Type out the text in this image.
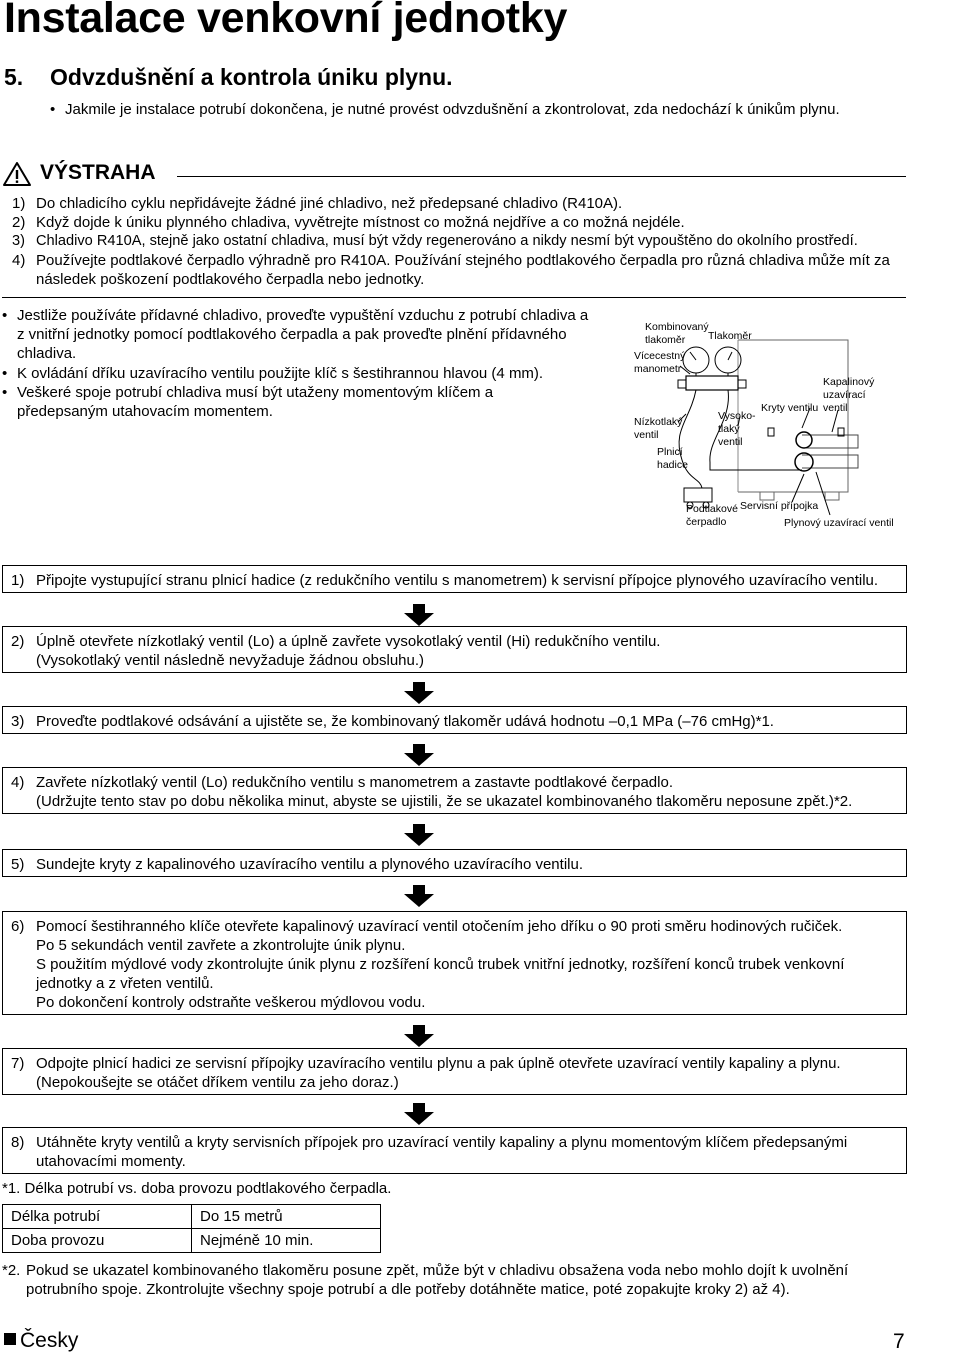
Instalace venkovní jednotky
5. Odvzdušnění a kontrola úniku plynu.
• Jakmile je instalace potrubí dokončena, je nutné provést odvzdušnění a zkontrolovat, zda nedochází k únikům plynu.
VÝSTRAHA
1) Do chladicího cyklu nepřidávejte žádné jiné chladivo, než předepsané chladivo (R410A).
2) Když dojde k úniku plynného chladiva, vyvětrejte místnost co možná nejdříve a co možná nejdéle.
3) Chladivo R410A, stejně jako ostatní chladiva, musí být vždy regenerováno a nikdy nesmí být vypouštěno do okolního prostředí.
4) Používejte podtlakové čerpadlo výhradně pro R410A. Používání stejného podtlakového čerpadla pro různá chladiva může mít za následek poškození podtlakového čerpadla nebo jednotky.
• Jestliže používáte přídavné chladivo, proveďte vypuštění vzduchu z potrubí chladiva a z vnitřní jednotky pomocí podtlakového čerpadla a pak proveďte plnění přídavného chladiva.
• K ovládání dříku uzavíracího ventilu použijte klíč s šestihrannou hlavou (4 mm).
• Veškeré spoje potrubí chladiva musí být utaženy momentovým klíčem a předepsaným utahovacím momentem.
Kombinovaný
tlakoměr	Tlakoměr
Vícecestný
manometr
Kapalinový
uzavírací
ventil
Kryty ventilu
Nízkotlaký
ventil
Vysoko-
tlaký
ventil
Plnicí
hadice
Podtlakové
čerpadlo
Servisní přípojka
Plynový uzavírací ventil
1) Připojte vystupující stranu plnicí hadice (z redukčního ventilu s manometrem) k servisní přípojce plynového uzavíracího ventilu.
2) Úplně otevřete nízkotlaký ventil (Lo) a úplně zavřete vysokotlaký ventil (Hi) redukčního ventilu.
(Vysokotlaký ventil následně nevyžaduje žádnou obsluhu.)
3) Proveďte podtlakové odsávání a ujistěte se, že kombinovaný tlakoměr udává hodnotu –0,1 MPa (–76 cmHg)*1.
4) Zavřete nízkotlaký ventil (Lo) redukčního ventilu s manometrem a zastavte podtlakové čerpadlo.
(Udržujte tento stav po dobu několika minut, abyste se ujistili, že se ukazatel kombinovaného tlakoměru neposune zpět.)*2.
5) Sundejte kryty z kapalinového uzavíracího ventilu a plynového uzavíracího ventilu.
6) Pomocí šestihranného klíče otevřete kapalinový uzavírací ventil otočením jeho dříku o 90 proti směru hodinových ručiček.
Po 5 sekundách ventil zavřete a zkontrolujte únik plynu.
S použitím mýdlové vody zkontrolujte únik plynu z rozšíření konců trubek vnitřní jednotky, rozšíření konců trubek venkovní jednotky a z vřeten ventilů.
Po dokončení kontroly odstraňte veškerou mýdlovou vodu.
7) Odpojte plnicí hadici ze servisní přípojky uzavíracího ventilu plynu a pak úplně otevřete uzavírací ventily kapaliny a plynu.
(Nepokoušejte se otáčet dříkem ventilu za jeho doraz.)
8) Utáhněte kryty ventilů a kryty servisních přípojek pro uzavírací ventily kapaliny a plynu momentovým klíčem předepsanými utahovacími momenty.
*1. Délka potrubí vs. doba provozu podtlakového čerpadla.
Délka potrubí	Do 15 metrů
Doba provozu	Nejméně 10 min.
*2. Pokud se ukazatel kombinovaného tlakoměru posune zpět, může být v chladivu obsažena voda nebo mohlo dojít k uvolnění potrubního spoje. Zkontrolujte všechny spoje potrubí a dle potřeby dotáhněte matice, poté zopakujte kroky 2) až 4).
Česky	7
